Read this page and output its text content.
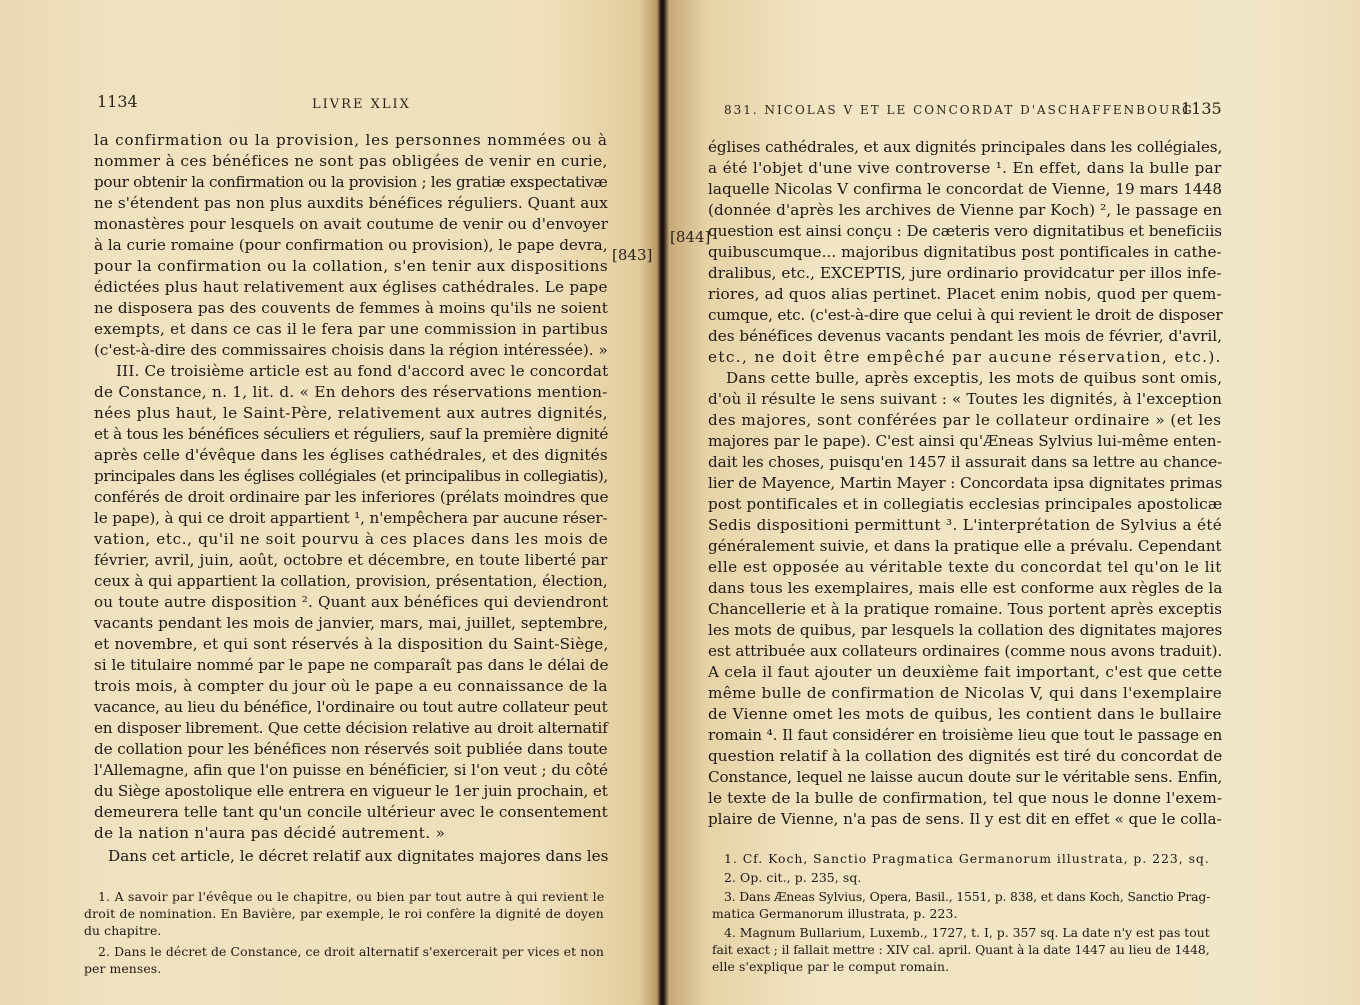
1134	LIVRE XLIX
la confirmation ou la provision, les personnes nommées ou à
nommer à ces bénéfices ne sont pas obligées de venir en curie,
pour obtenir la confirmation ou la provision ; les gratiæ exspectativæ
ne s'étendent pas non plus auxdits bénéfices réguliers. Quant aux
monastères pour lesquels on avait coutume de venir ou d'envoyer
à la curie romaine (pour confirmation ou provision), le pape devra,
pour la confirmation ou la collation, s'en tenir aux dispositions
édictées plus haut relativement aux églises cathédrales. Le pape
ne disposera pas des couvents de femmes à moins qu'ils ne soient
exempts, et dans ce cas il le fera par une commission in partibus
(c'est-à-dire des commissaires choisis dans la région intéressée). »
III. Ce troisième article est au fond d'accord avec le concordat
de Constance, n. 1, lit. d. « En dehors des réservations mention-
nées plus haut, le Saint-Père, relativement aux autres dignités,
et à tous les bénéfices séculiers et réguliers, sauf la première dignité
après celle d'évêque dans les églises cathédrales, et des dignités
principales dans les églises collégiales (et principalibus in collegiatis),
conférés de droit ordinaire par les inferiores (prélats moindres que
le pape), à qui ce droit appartient ¹, n'empêchera par aucune réser-
vation, etc., qu'il ne soit pourvu à ces places dans les mois de
février, avril, juin, août, octobre et décembre, en toute liberté par
ceux à qui appartient la collation, provision, présentation, élection,
ou toute autre disposition ². Quant aux bénéfices qui deviendront
vacants pendant les mois de janvier, mars, mai, juillet, septembre,
et novembre, et qui sont réservés à la disposition du Saint-Siège,
si le titulaire nommé par le pape ne comparaît pas dans le délai de
trois mois, à compter du jour où le pape a eu connaissance de la
vacance, au lieu du bénéfice, l'ordinaire ou tout autre collateur peut
en disposer librement. Que cette décision relative au droit alternatif
de collation pour les bénéfices non réservés soit publiée dans toute
l'Allemagne, afin que l'on puisse en bénéficier, si l'on veut ; du côté
du Siège apostolique elle entrera en vigueur le 1er juin prochain, et
demeurera telle tant qu'un concile ultérieur avec le consentement
de la nation n'aura pas décidé autrement. »
Dans cet article, le décret relatif aux dignitates majores dans les
[843]
1. A savoir par l'évêque ou le chapitre, ou bien par tout autre à qui revient le
droit de nomination. En Bavière, par exemple, le roi confère la dignité de doyen
du chapitre.
2. Dans le décret de Constance, ce droit alternatif s'exercerait per vices et non
per menses.
831. NICOLAS V ET LE CONCORDAT D'ASCHAFFENBOURG
1135
[844]
églises cathédrales, et aux dignités principales dans les collégiales,
a été l'objet d'une vive controverse ¹. En effet, dans la bulle par
laquelle Nicolas V confirma le concordat de Vienne, 19 mars 1448
(donnée d'après les archives de Vienne par Koch) ², le passage en
question est ainsi conçu : De cæteris vero dignitatibus et beneficiis
quibuscumque... majoribus dignitatibus post pontificales in cathe-
dralibus, etc., EXCEPTIS, jure ordinario providcatur per illos infe-
riores, ad quos alias pertinet. Placet enim nobis, quod per quem-
cumque, etc. (c'est-à-dire que celui à qui revient le droit de disposer
des bénéfices devenus vacants pendant les mois de février, d'avril,
etc., ne doit être empêché par aucune réservation, etc.).
Dans cette bulle, après exceptis, les mots de quibus sont omis,
d'où il résulte le sens suivant : « Toutes les dignités, à l'exception
des majores, sont conférées par le collateur ordinaire » (et les
majores par le pape). C'est ainsi qu'Æneas Sylvius lui-même enten-
dait les choses, puisqu'en 1457 il assurait dans sa lettre au chance-
lier de Mayence, Martin Mayer : Concordata ipsa dignitates primas
post pontificales et in collegiatis ecclesias principales apostolicæ
Sedis dispositioni permittunt ³. L'interprétation de Sylvius a été
généralement suivie, et dans la pratique elle a prévalu. Cependant
elle est opposée au véritable texte du concordat tel qu'on le lit
dans tous les exemplaires, mais elle est conforme aux règles de la
Chancellerie et à la pratique romaine. Tous portent après exceptis
les mots de quibus, par lesquels la collation des dignitates majores
est attribuée aux collateurs ordinaires (comme nous avons traduit).
A cela il faut ajouter un deuxième fait important, c'est que cette
même bulle de confirmation de Nicolas V, qui dans l'exemplaire
de Vienne omet les mots de quibus, les contient dans le bullaire
romain ⁴. Il faut considérer en troisième lieu que tout le passage en
question relatif à la collation des dignités est tiré du concordat de
Constance, lequel ne laisse aucun doute sur le véritable sens. Enfin,
le texte de la bulle de confirmation, tel que nous le donne l'exem-
plaire de Vienne, n'a pas de sens. Il y est dit en effet « que le colla-
1. Cf. Koch, Sanctio Pragmatica Germanorum illustrata, p. 223, sq.
2. Op. cit., p. 235, sq.
3. Dans Æneas Sylvius, Opera, Basil., 1551, p. 838, et dans Koch, Sanctio Prag-
matica Germanorum illustrata, p. 223.
4. Magnum Bullarium, Luxemb., 1727, t. I, p. 357 sq. La date n'y est pas tout
fait exact ; il fallait mettre : XIV cal. april. Quant à la date 1447 au lieu de 1448,
elle s'explique par le comput romain.
